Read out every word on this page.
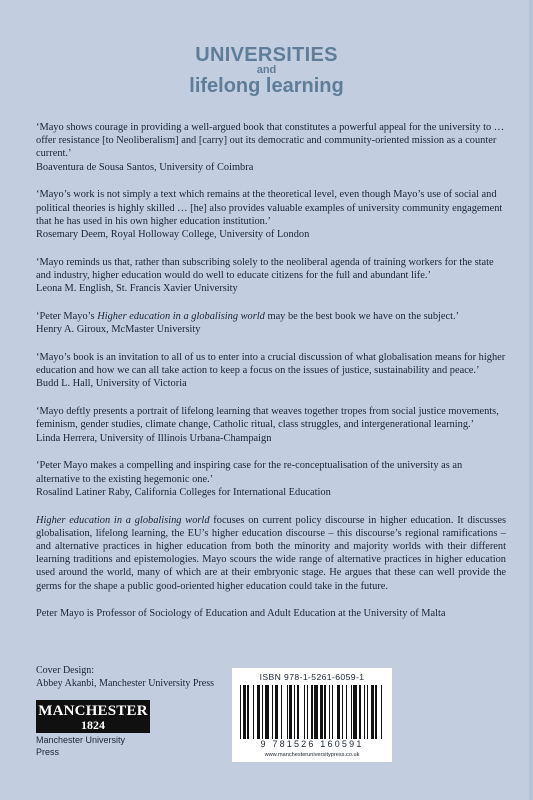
UNIVERSITIES
and
lifelong learning

‘Mayo shows courage in providing a well-argued book that constitutes a powerful appeal for the university to … offer resistance [to Neoliberalism] and [carry] out its democratic and community-oriented mission as a counter current.’
Boaventura de Sousa Santos, University of Coimbra

‘Mayo’s work is not simply a text which remains at the theoretical level, even though Mayo’s use of social and political theories is highly skilled … [he] also provides valuable examples of university community engagement that he has used in his own higher education institution.’
Rosemary Deem, Royal Holloway College, University of London

‘Mayo reminds us that, rather than subscribing solely to the neoliberal agenda of training workers for the state and industry, higher education would do well to educate citizens for the full and abundant life.’
Leona M. English, St. Francis Xavier University

‘Peter Mayo’s Higher education in a globalising world may be the best book we have on the subject.’
Henry A. Giroux, McMaster University

‘Mayo’s book is an invitation to all of us to enter into a crucial discussion of what globalisation means for higher education and how we can all take action to keep a focus on the issues of justice, sustainability and peace.’
Budd L. Hall, University of Victoria

‘Mayo deftly presents a portrait of lifelong learning that weaves together tropes from social justice movements, feminism, gender studies, climate change, Catholic ritual, class struggles, and intergenerational learning.’
Linda Herrera, University of Illinois Urbana-Champaign

‘Peter Mayo makes a compelling and inspiring case for the re-conceptualisation of the university as an alternative to the existing hegemonic one.’
Rosalind Latiner Raby, California Colleges for International Education

Higher education in a globalising world focuses on current policy discourse in higher education. It discusses globalisation, lifelong learning, the EU’s higher education discourse – this discourse’s regional ramifications – and alternative practices in higher education from both the minority and majority worlds with their different learning traditions and epistemologies. Mayo scours the wide range of alternative practices in higher education used around the world, many of which are at their embryonic stage. He argues that these can well provide the germs for the shape a public good-oriented higher education could take in the future.

Peter Mayo is Professor of Sociology of Education and Adult Education at the University of Malta

Cover Design:
Abbey Akanbi, Manchester University Press
MANCHESTER
1824
Manchester University Press
ISBN 978-1-5261-6059-1
9 781526 160591
www.manchesteruniversitypress.co.uk
